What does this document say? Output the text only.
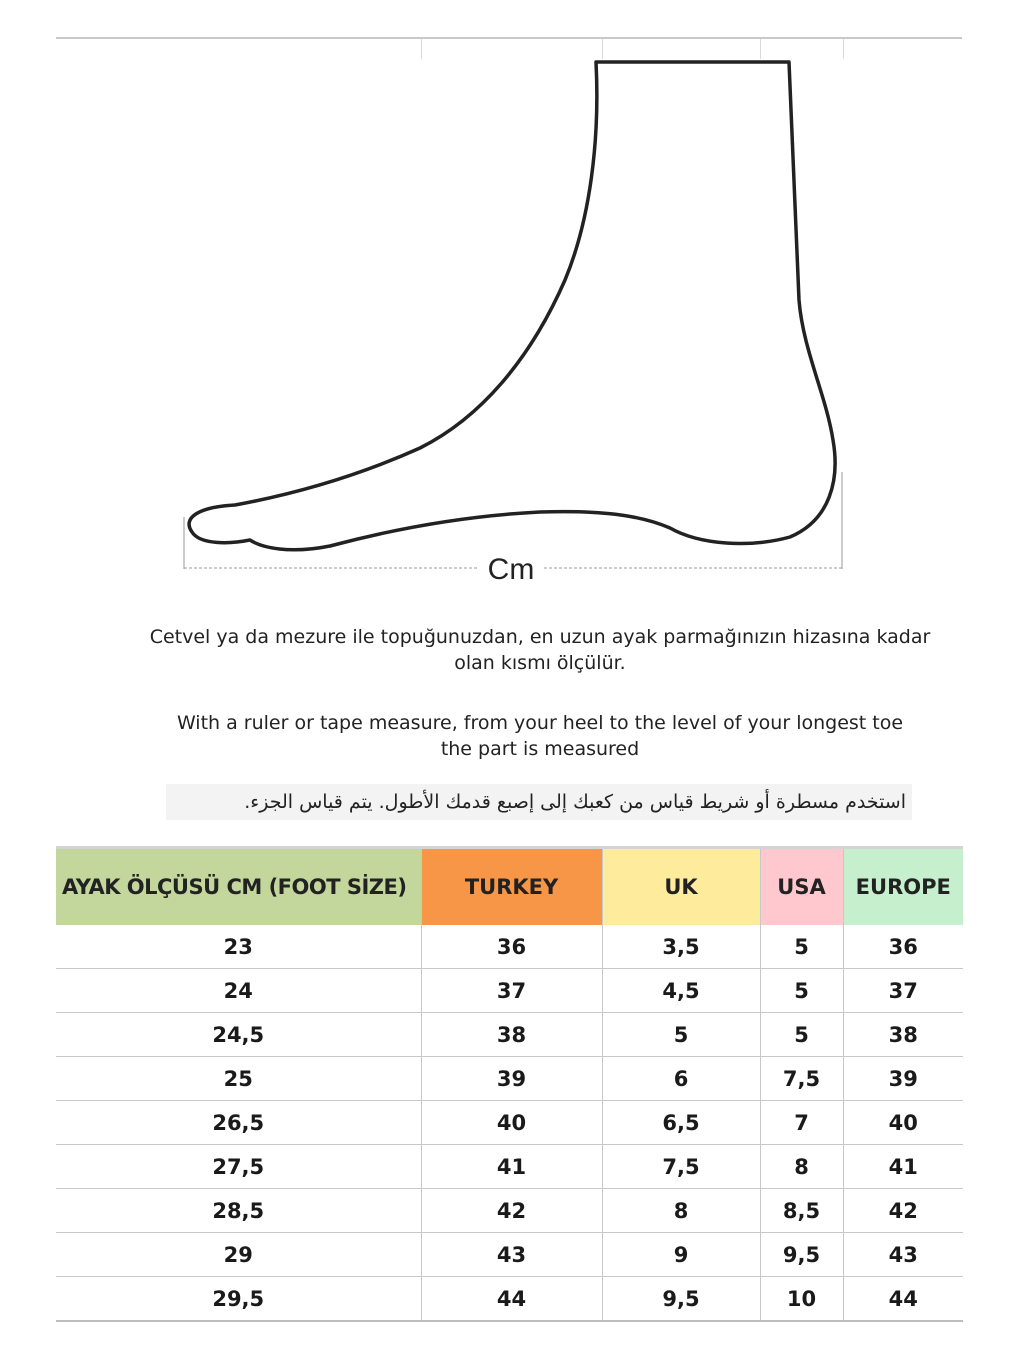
Cm
Cetvel ya da mezure ile topuğunuzdan, en uzun ayak parmağınızın hizasına kadar
olan kısmı ölçülür.
With a ruler or tape measure, from your heel to the level of your longest toe
the part is measured
استخدم مسطرة أو شريط قياس من كعبك إلى إصبع قدمك الأطول. يتم قياس الجزء.
AYAK ÖLÇÜSÜ CM (FOOT SİZE)	TURKEY	UK	USA	EUROPE
23	36	3,5	5	36
24	37	4,5	5	37
24,5	38	5	5	38
25	39	6	7,5	39
26,5	40	6,5	7	40
27,5	41	7,5	8	41
28,5	42	8	8,5	42
29	43	9	9,5	43
29,5	44	9,5	10	44
